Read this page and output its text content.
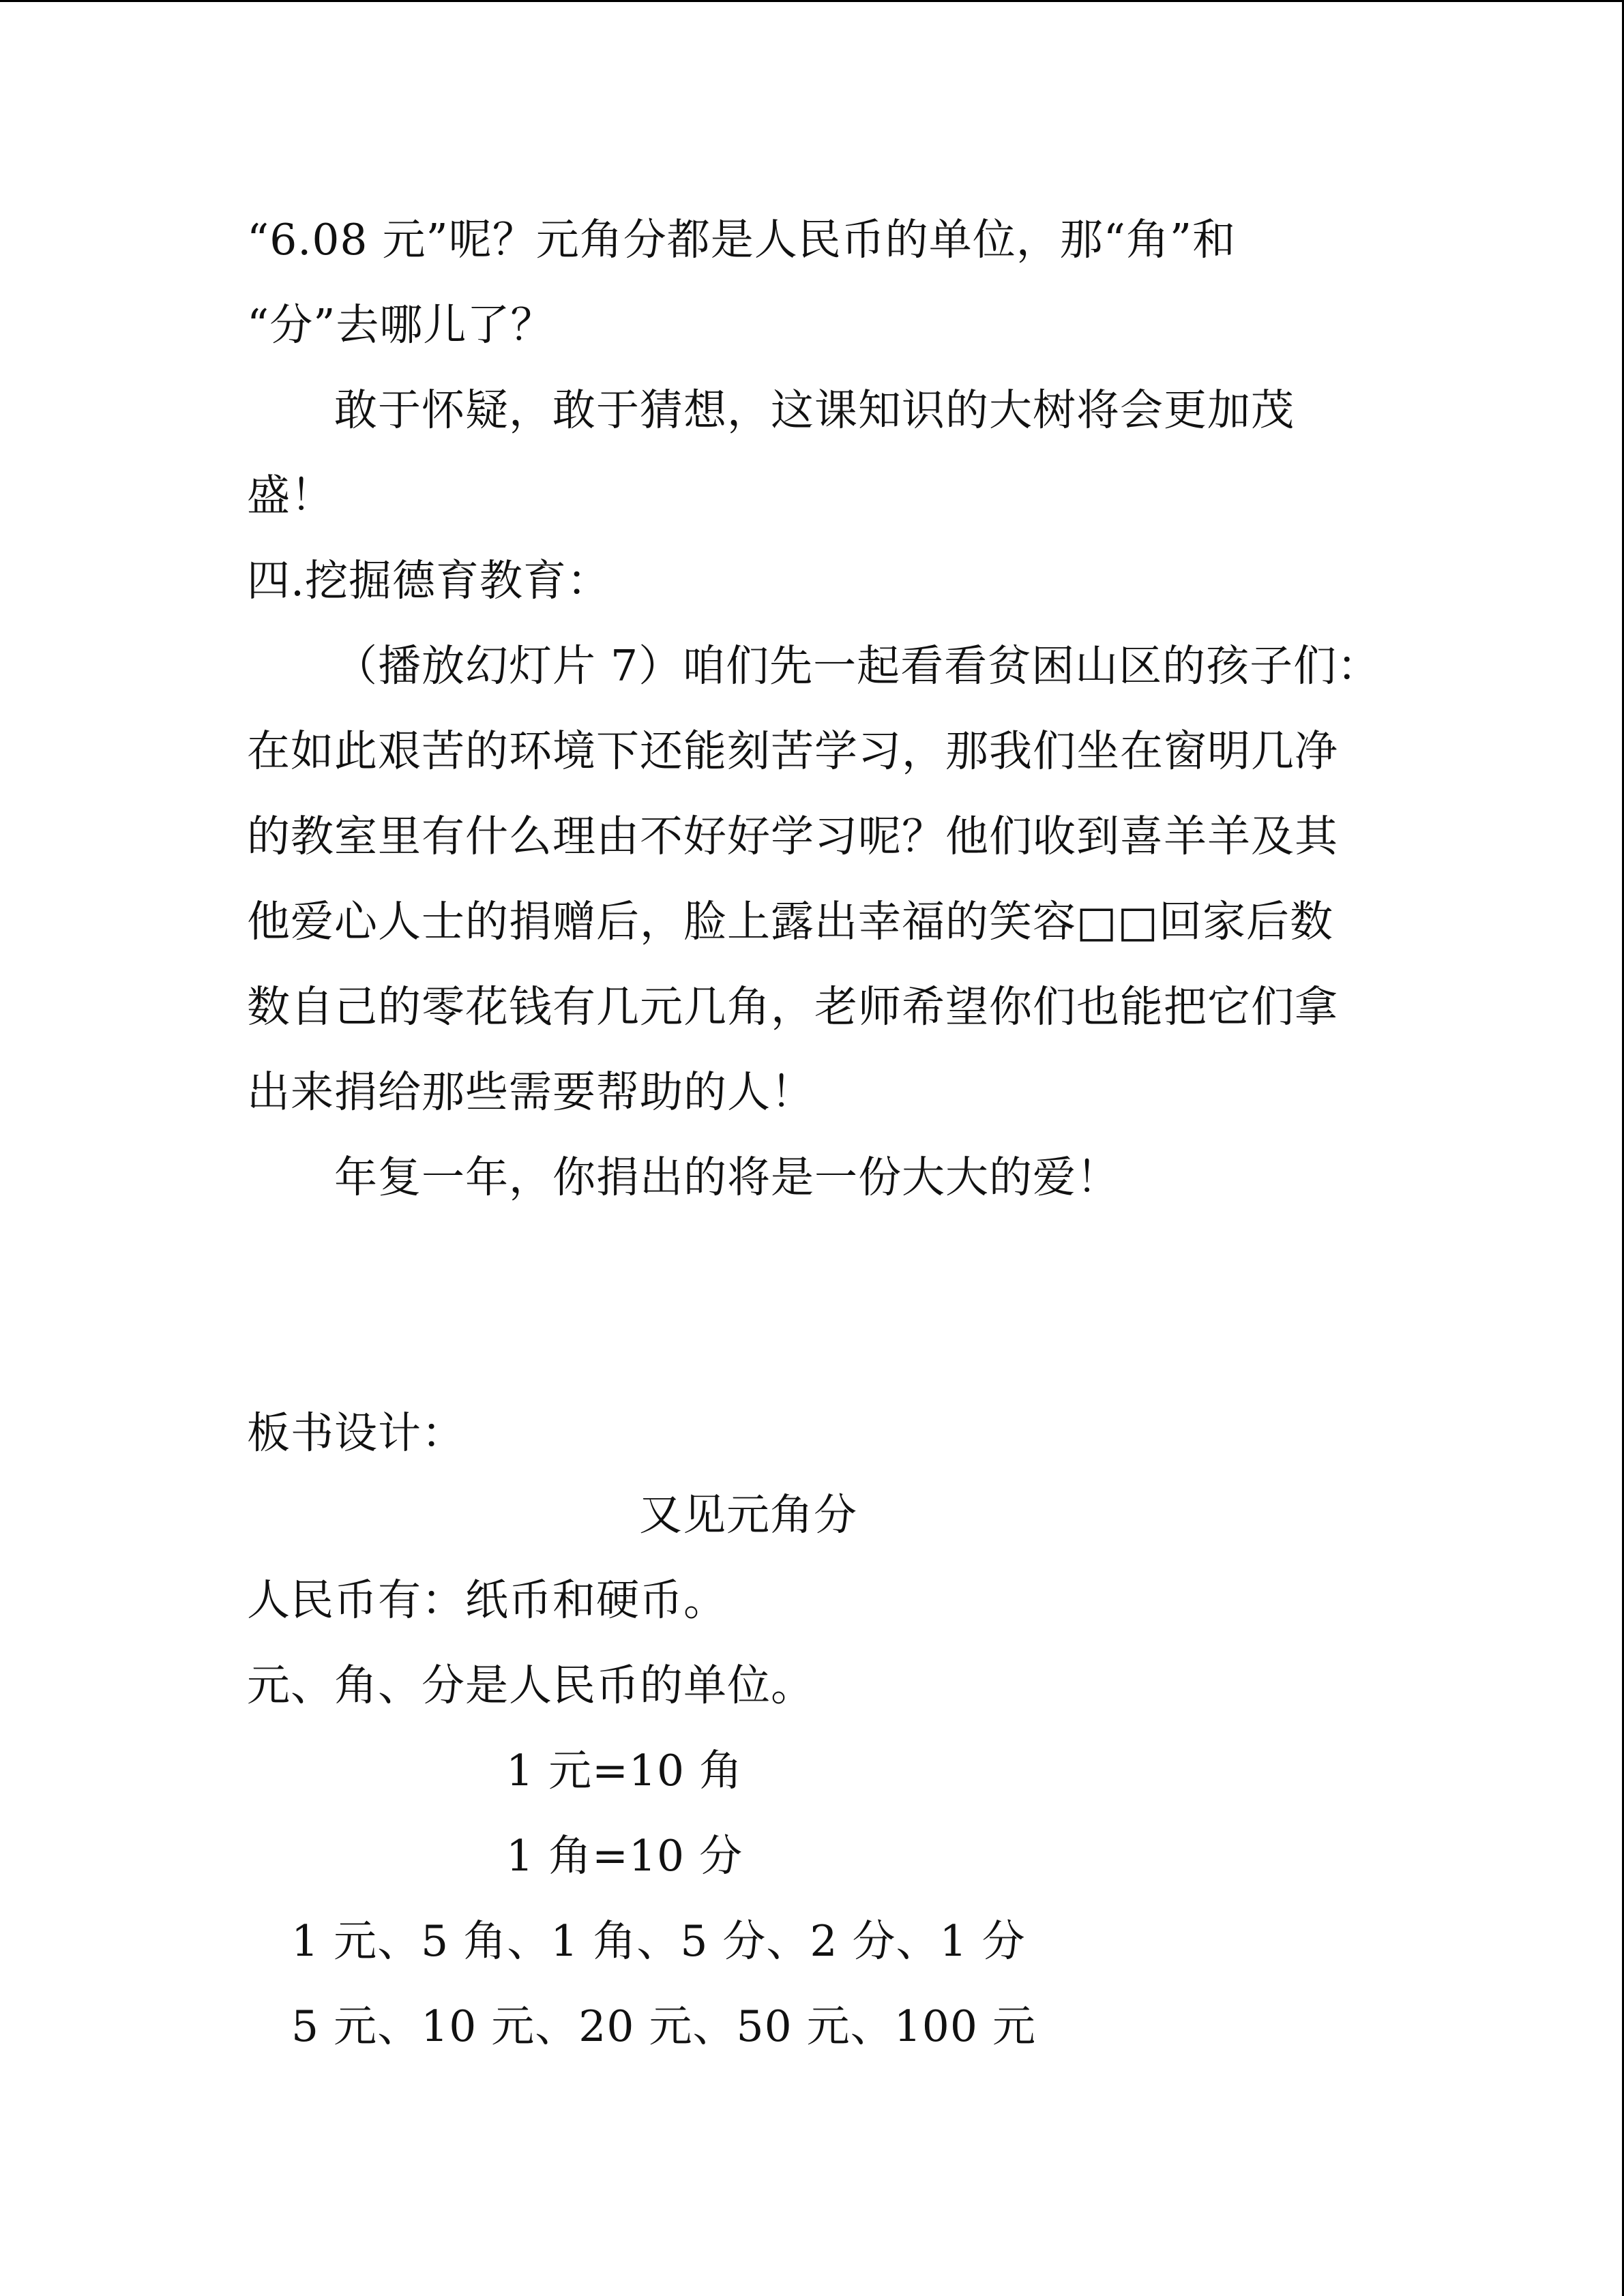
“6.08 元”呢？元角分都是人民币的单位，那“角”和
“分”去哪儿了？
敢于怀疑，敢于猜想，这课知识的大树将会更加茂
盛！
四.挖掘德育教育：
（播放幻灯片 7）咱们先一起看看贫困山区的孩子们：
在如此艰苦的环境下还能刻苦学习，那我们坐在窗明几净
的教室里有什么理由不好好学习呢？他们收到喜羊羊及其
他爱心人士的捐赠后，脸上露出幸福的笑容□□回家后数
数自己的零花钱有几元几角，老师希望你们也能把它们拿
出来捐给那些需要帮助的人！
年复一年，你捐出的将是一份大大的爱！
板书设计：
又见元角分
人民币有：纸币和硬币。
元、角、分是人民币的单位。
1 元=10 角
1 角=10 分
1 元、5 角、1 角、5 分、2 分、1 分
5 元、10 元、20 元、50 元、100 元
